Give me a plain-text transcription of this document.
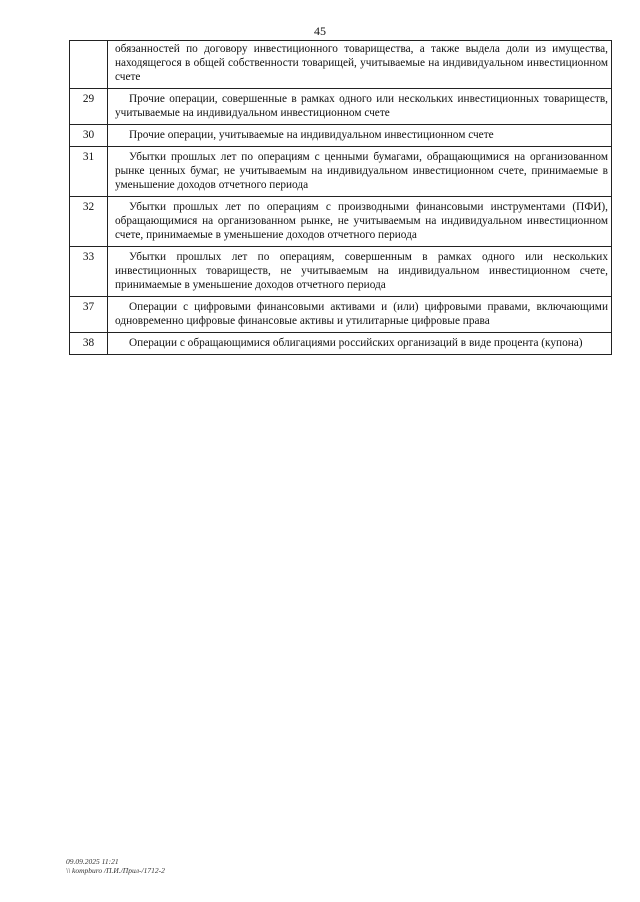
45
	обязанностей по договору инвестиционного товарищества, а также выдела доли из имущества, находящегося в общей собственности товарищей, учитываемые на индивидуальном инвестиционном счете
29	Прочие операции, совершенные в рамках одного или нескольких инвестиционных товариществ, учитываемые на индивидуальном инвестиционном счете
30	Прочие операции, учитываемые на индивидуальном инвестиционном счете
31	Убытки прошлых лет по операциям с ценными бумагами, обращающимися на организованном рынке ценных бумаг, не учитываемым на индивидуальном инвестиционном счете, принимаемые в уменьшение доходов отчетного периода
32	Убытки прошлых лет по операциям с производными финансовыми инструментами (ПФИ), обращающимися на организованном рынке, не учитываемым на индивидуальном инвестиционном счете, принимаемые в уменьшение доходов отчетного периода
33	Убытки прошлых лет по операциям, совершенным в рамках одного или нескольких инвестиционных товариществ, не учитываемым на индивидуальном инвестиционном счете, принимаемые в уменьшение доходов отчетного периода
37	Операции с цифровыми финансовыми активами и (или) цифровыми правами, включающими одновременно цифровые финансовые активы и утилитарные цифровые права
38	Операции с обращающимися облигациями российских организаций в виде процента (купона)
09.09.2025 11:21
\\ kompburo /П.И./Прил-/1712-2
